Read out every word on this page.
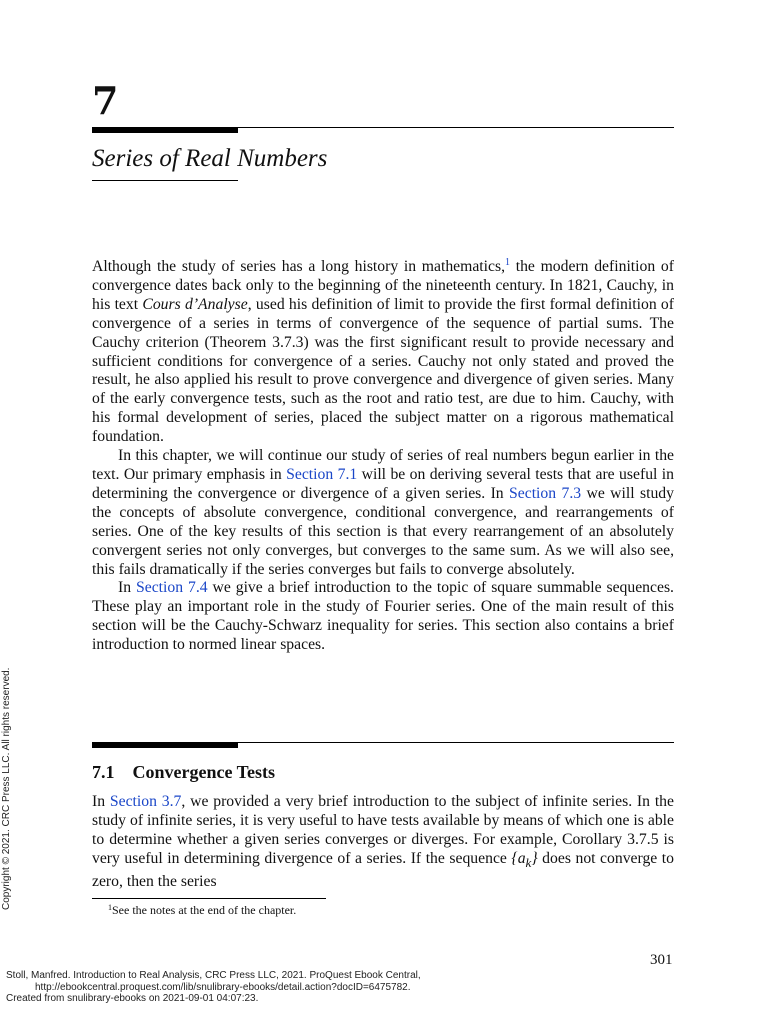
7
Series of Real Numbers

Although the study of series has a long history in mathematics,$^1$ the modern definition of convergence dates back only to the beginning of the nineteenth century. In 1821, Cauchy, in his text Cours d’Analyse, used his definition of limit to provide the first formal definition of convergence of a series in terms of convergence of the sequence of partial sums. The Cauchy criterion (Theorem 3.7.3) was the first significant result to provide necessary and sufficient conditions for convergence of a series. Cauchy not only stated and proved the result, he also applied his result to prove convergence and divergence of given series. Many of the early convergence tests, such as the root and ratio test, are due to him. Cauchy, with his formal development of series, placed the subject matter on a rigorous mathematical foundation.

In this chapter, we will continue our study of series of real numbers begun earlier in the text. Our primary emphasis in Section 7.1 will be on deriving several tests that are useful in determining the convergence or divergence of a given series. In Section 7.3 we will study the concepts of absolute convergence, conditional convergence, and rearrangements of series. One of the key results of this section is that every rearrangement of an absolutely convergent series not only converges, but converges to the same sum. As we will also see, this fails dramatically if the series converges but fails to converge absolutely.

In Section 7.4 we give a brief introduction to the topic of square summable sequences. These play an important role in the study of Fourier series. One of the main result of this section will be the Cauchy-Schwarz inequality for series. This section also contains a brief introduction to normed linear spaces.

7.1 Convergence Tests

In Section 3.7, we provided a very brief introduction to the subject of infinite series. In the study of infinite series, it is very useful to have tests available by means of which one is able to determine whether a given series converges or diverges. For example, Corollary 3.7.5 is very useful in determining divergence of a series. If the sequence $\{a_k\}$ does not converge to zero, then the series

$^1$See the notes at the end of the chapter.
301
Copyright © 2021. CRC Press LLC. All rights reserved.
Stoll, Manfred. Introduction to Real Analysis, CRC Press LLC, 2021. ProQuest Ebook Central,
http://ebookcentral.proquest.com/lib/snulibrary-ebooks/detail.action?docID=6475782.
Created from snulibrary-ebooks on 2021-09-01 04:07:23.
